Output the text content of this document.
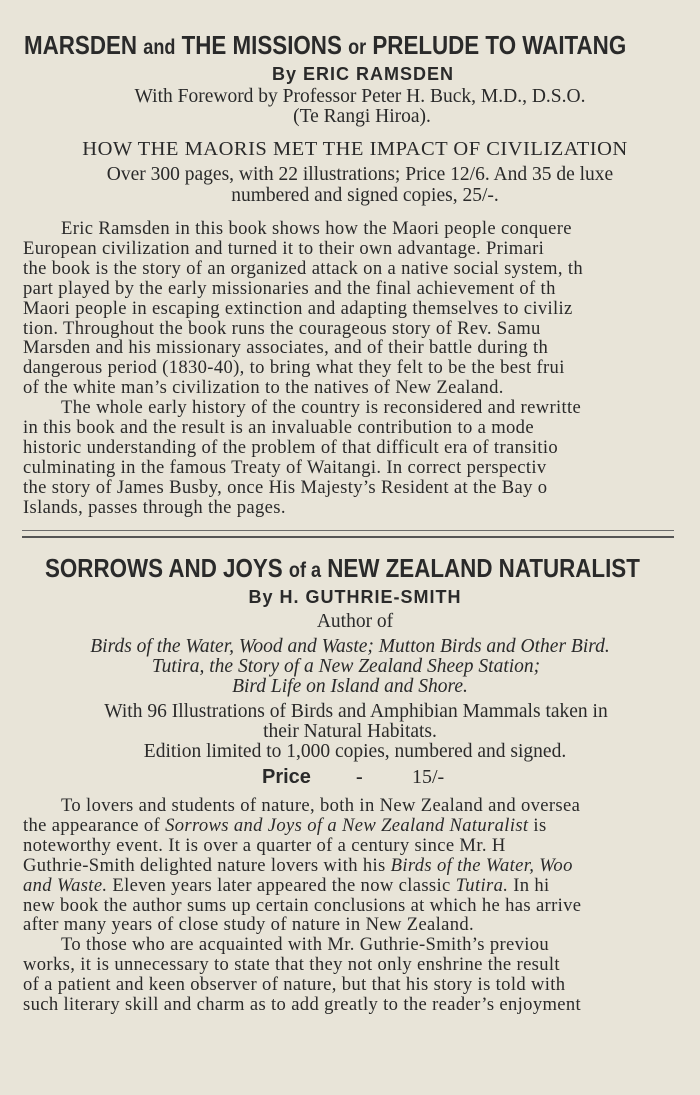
MARSDEN and THE MISSIONS or PRELUDE TO WAITANG
By ERIC RAMSDEN
With Foreword by Professor Peter H. Buck, M.D., D.S.O.
(Te Rangi Hiroa).
HOW THE MAORIS MET THE IMPACT OF CIVILIZATION
Over 300 pages, with 22 illustrations; Price 12/6. And 35 de luxe
numbered and signed copies, 25/-.

Eric Ramsden in this book shows how the Maori people conquere

European civilization and turned it to their own advantage. Primari

the book is the story of an organized attack on a native social system, th

part played by the early missionaries and the final achievement of th

Maori people in escaping extinction and adapting themselves to civiliz

tion. Throughout the book runs the courageous story of Rev. Samu

Marsden and his missionary associates, and of their battle during th

dangerous period (1830-40), to bring what they felt to be the best frui

of the white man’s civilization to the natives of New Zealand.

The whole early history of the country is reconsidered and rewritte

in this book and the result is an invaluable contribution to a mode

historic understanding of the problem of that difficult era of transitio

culminating in the famous Treaty of Waitangi. In correct perspectiv

the story of James Busby, once His Majesty’s Resident at the Bay o

Islands, passes through the pages.

SORROWS AND JOYS of a NEW ZEALAND NATURALIST
By H. GUTHRIE-SMITH
Author of
Birds of the Water, Wood and Waste; Mutton Birds and Other Bird.
Tutira, the Story of a New Zealand Sheep Station;
Bird Life on Island and Shore.
With 96 Illustrations of Birds and Amphibian Mammals taken in
their Natural Habitats.
Edition limited to 1,000 copies, numbered and signed.
Price - 15/-

To lovers and students of nature, both in New Zealand and oversea

the appearance of Sorrows and Joys of a New Zealand Naturalist is

noteworthy event. It is over a quarter of a century since Mr. H

Guthrie-Smith delighted nature lovers with his Birds of the Water, Woo

and Waste. Eleven years later appeared the now classic Tutira. In hi

new book the author sums up certain conclusions at which he has arrive

after many years of close study of nature in New Zealand.

To those who are acquainted with Mr. Guthrie-Smith’s previou

works, it is unnecessary to state that they not only enshrine the result

of a patient and keen observer of nature, but that his story is told with

such literary skill and charm as to add greatly to the reader’s enjoyment
